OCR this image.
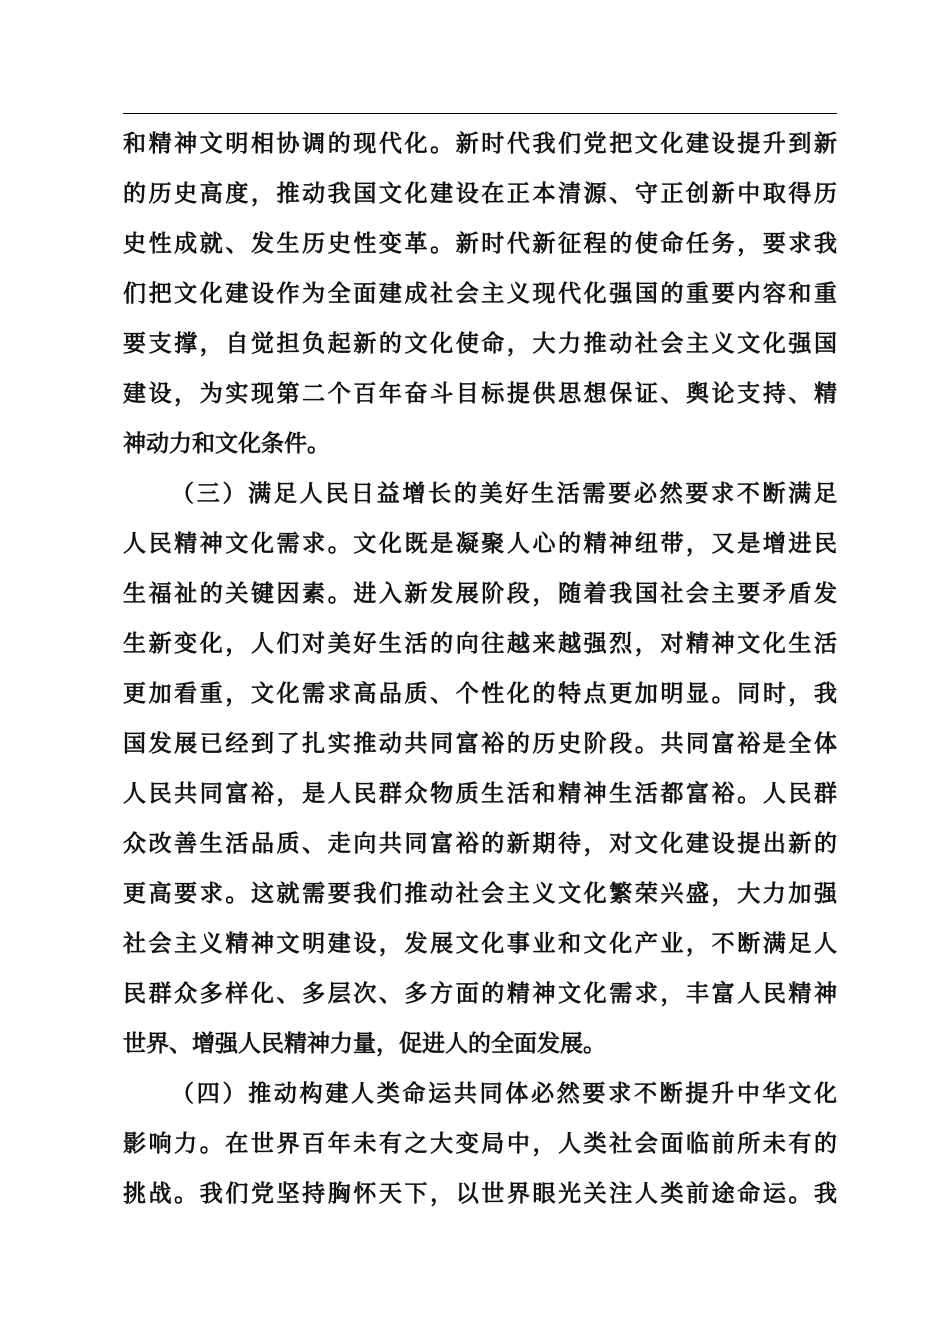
和精神文明相协调的现代化。新时代我们党把文化建设提升到新
的历史高度，推动我国文化建设在正本清源、守正创新中取得历
史性成就、发生历史性变革。新时代新征程的使命任务，要求我
们把文化建设作为全面建成社会主义现代化强国的重要内容和重
要支撑，自觉担负起新的文化使命，大力推动社会主义文化强国
建设，为实现第二个百年奋斗目标提供思想保证、舆论支持、精
神动力和文化条件。
（三）满足人民日益增长的美好生活需要必然要求不断满足
人民精神文化需求。文化既是凝聚人心的精神纽带，又是增进民
生福祉的关键因素。进入新发展阶段，随着我国社会主要矛盾发
生新变化，人们对美好生活的向往越来越强烈，对精神文化生活
更加看重，文化需求高品质、个性化的特点更加明显。同时，我
国发展已经到了扎实推动共同富裕的历史阶段。共同富裕是全体
人民共同富裕，是人民群众物质生活和精神生活都富裕。人民群
众改善生活品质、走向共同富裕的新期待，对文化建设提出新的
更高要求。这就需要我们推动社会主义文化繁荣兴盛，大力加强
社会主义精神文明建设，发展文化事业和文化产业，不断满足人
民群众多样化、多层次、多方面的精神文化需求，丰富人民精神
世界、增强人民精神力量，促进人的全面发展。
（四）推动构建人类命运共同体必然要求不断提升中华文化
影响力。在世界百年未有之大变局中，人类社会面临前所未有的
挑战。我们党坚持胸怀天下，以世界眼光关注人类前途命运。我
